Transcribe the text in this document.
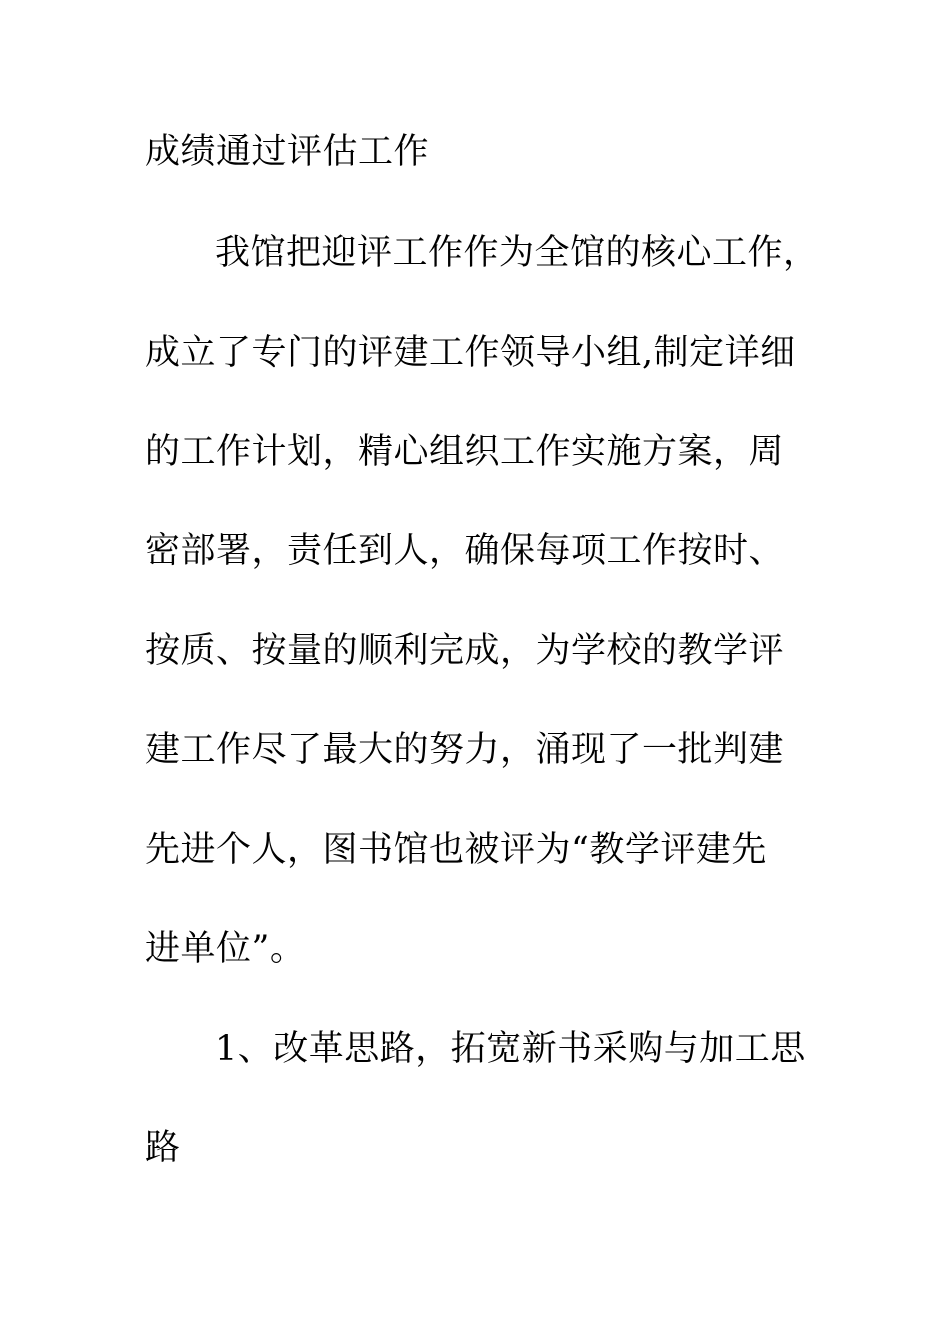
成绩通过评估工作
我馆把迎评工作作为全馆的核心工作，
成立了专门的评建工作领导小组,制定详细
的工作计划，精心组织工作实施方案，周
密部署，责任到人，确保每项工作按时、
按质、按量的顺利完成，为学校的教学评
建工作尽了最大的努力，涌现了一批判建
先进个人，图书馆也被评为“教学评建先
进单位”。
1、改革思路，拓宽新书采购与加工思
路
